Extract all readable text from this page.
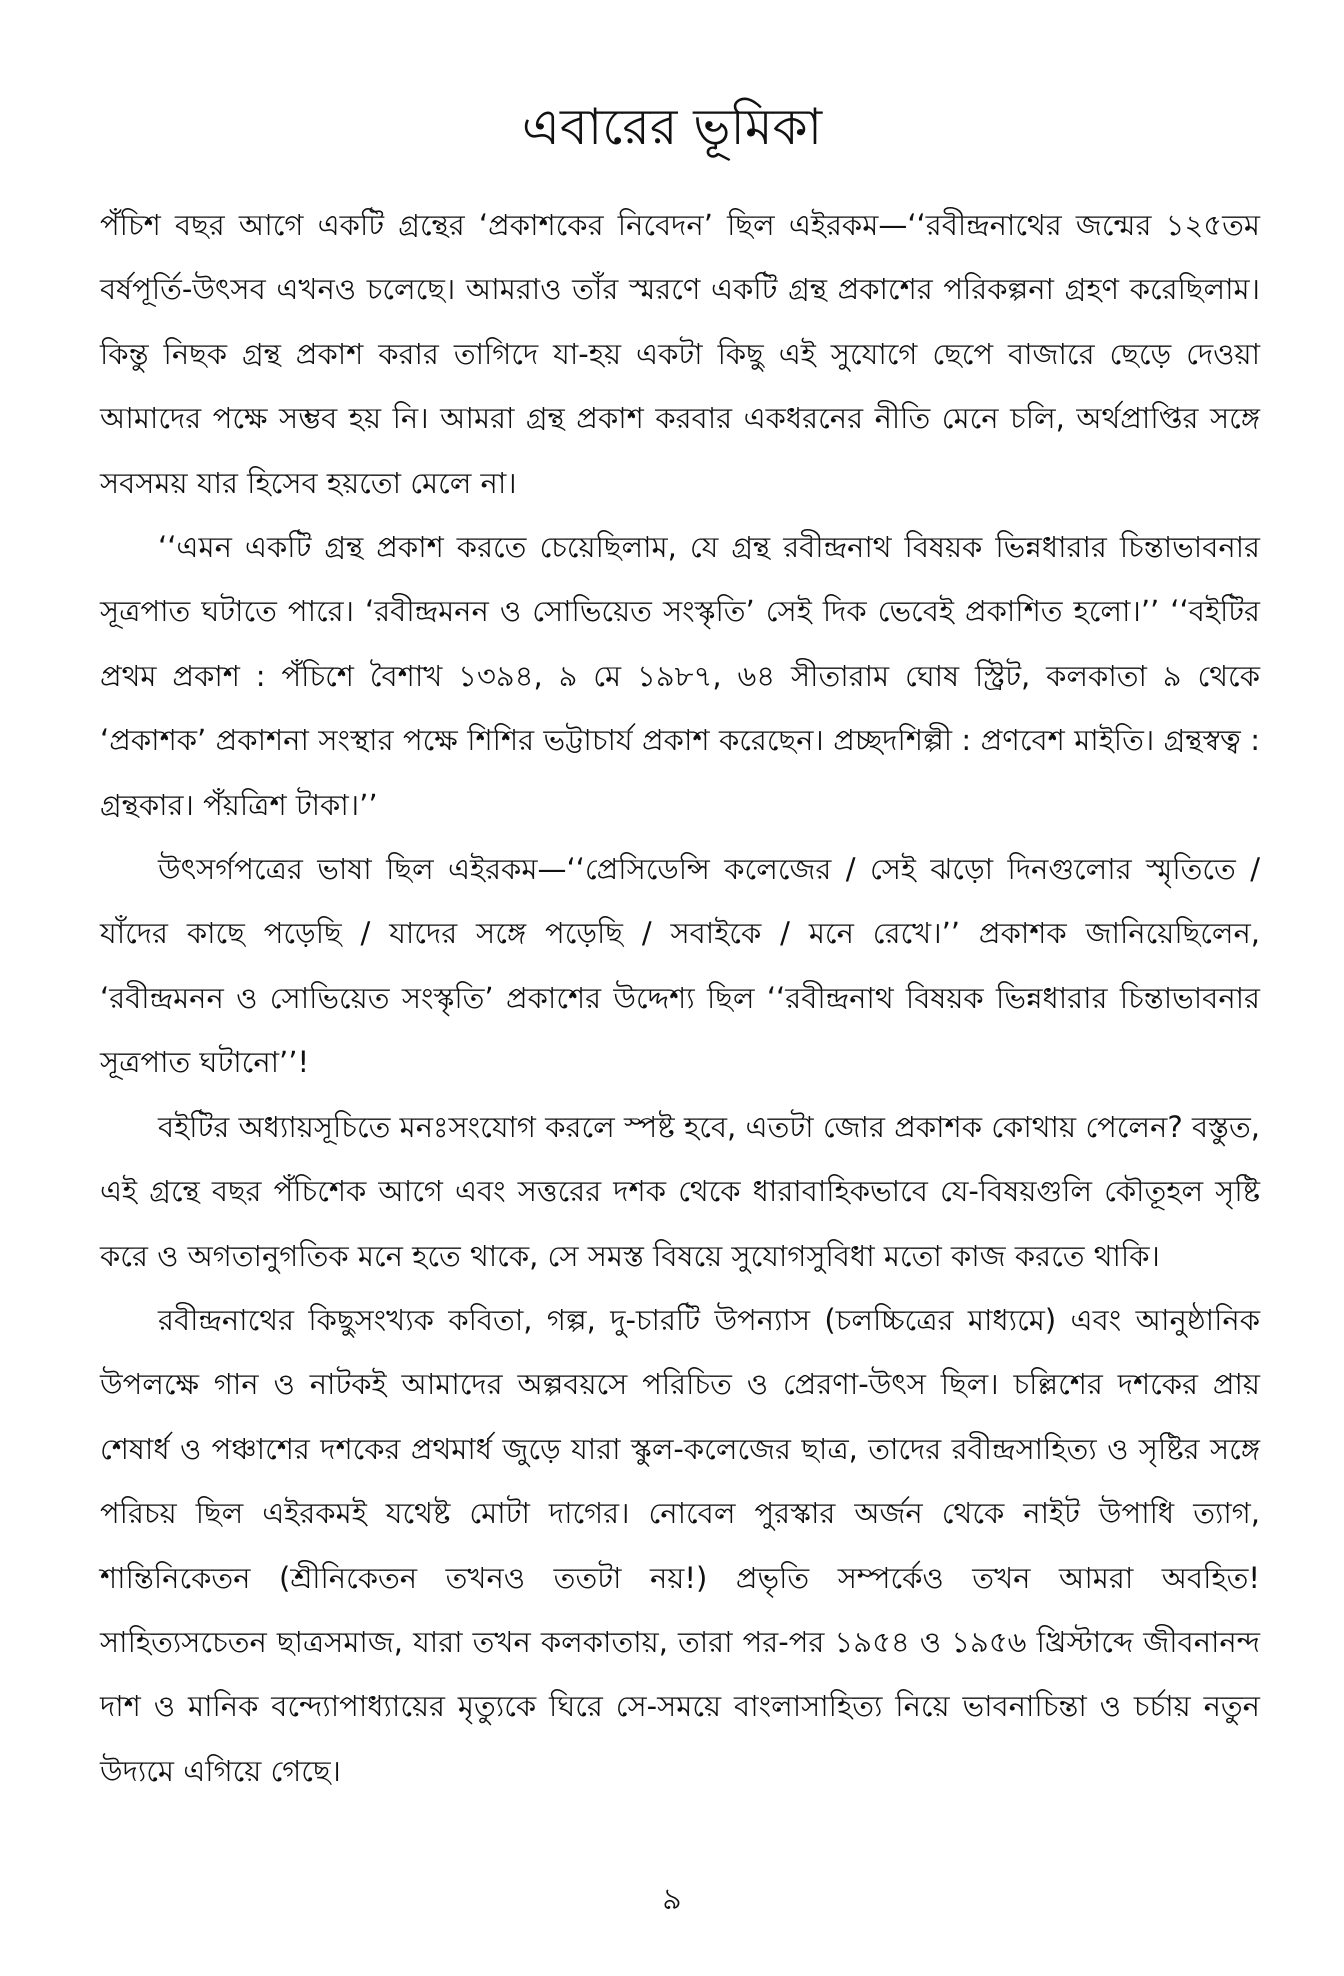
এবারের ভূমিকা

পঁচিশ বছর আগে একটি গ্রন্থের ‘প্রকাশকের নিবেদন’ ছিল এইরকম—‘‘রবীন্দ্রনাথের জন্মের ১২৫তম বর্ষপূর্তি-উৎসব এখনও চলেছে। আমরাও তাঁর স্মরণে একটি গ্রন্থ প্রকাশের পরিকল্পনা গ্রহণ করেছিলাম। কিন্তু নিছক গ্রন্থ প্রকাশ করার তাগিদে যা-হয় একটা কিছু এই সুযোগে ছেপে বাজারে ছেড়ে দেওয়া আমাদের পক্ষে সম্ভব হয় নি। আমরা গ্রন্থ প্রকাশ করবার একধরনের নীতি মেনে চলি, অর্থপ্রাপ্তির সঙ্গে সবসময় যার হিসেব হয়তো মেলে না।

‘‘এমন একটি গ্রন্থ প্রকাশ করতে চেয়েছিলাম, যে গ্রন্থ রবীন্দ্রনাথ বিষয়ক ভিন্নধারার চিন্তাভাবনার সূত্রপাত ঘটাতে পারে। ‘রবীন্দ্রমনন ও সোভিয়েত সংস্কৃতি’ সেই দিক ভেবেই প্রকাশিত হলো।’’ ‘‘বইটির প্রথম প্রকাশ : পঁচিশে বৈশাখ ১৩৯৪, ৯ মে ১৯৮৭, ৬৪ সীতারাম ঘোষ স্ট্রিট, কলকাতা ৯ থেকে ‘প্রকাশক’ প্রকাশনা সংস্থার পক্ষে শিশির ভট্টাচার্য প্রকাশ করেছেন। প্রচ্ছদশিল্পী : প্রণবেশ মাইতি। গ্রন্থস্বত্ব : গ্রন্থকার। পঁয়ত্রিশ টাকা।’’

উৎসর্গপত্রের ভাষা ছিল এইরকম—‘‘প্রেসিডেন্সি কলেজের / সেই ঝড়ো দিনগুলোর স্মৃতিতে / যাঁদের কাছে পড়েছি / যাদের সঙ্গে পড়েছি / সবাইকে / মনে রেখে।’’ প্রকাশক জানিয়েছিলেন, ‘রবীন্দ্রমনন ও সোভিয়েত সংস্কৃতি’ প্রকাশের উদ্দেশ্য ছিল ‘‘রবীন্দ্রনাথ বিষয়ক ভিন্নধারার চিন্তাভাবনার সূত্রপাত ঘটানো’’!

বইটির অধ্যায়সূচিতে মনঃসংযোগ করলে স্পষ্ট হবে, এতটা জোর প্রকাশক কোথায় পেলেন? বস্তুত, এই গ্রন্থে বছর পঁচিশেক আগে এবং সত্তরের দশক থেকে ধারাবাহিকভাবে যে-বিষয়গুলি কৌতূহল সৃষ্টি করে ও অগতানুগতিক মনে হতে থাকে, সে সমস্ত বিষয়ে সুযোগসুবিধা মতো কাজ করতে থাকি।

রবীন্দ্রনাথের কিছুসংখ্যক কবিতা, গল্প, দু-চারটি উপন্যাস (চলচ্চিত্রের মাধ্যমে) এবং আনুষ্ঠানিক উপলক্ষে গান ও নাটকই আমাদের অল্পবয়সে পরিচিত ও প্রেরণা-উৎস ছিল। চল্লিশের দশকের প্রায় শেষার্ধ ও পঞ্চাশের দশকের প্রথমার্ধ জুড়ে যারা স্কুল-কলেজের ছাত্র, তাদের রবীন্দ্রসাহিত্য ও সৃষ্টির সঙ্গে পরিচয় ছিল এইরকমই যথেষ্ট মোটা দাগের। নোবেল পুরস্কার অর্জন থেকে নাইট উপাধি ত্যাগ, শান্তিনিকেতন (শ্রীনিকেতন তখনও ততটা নয়!) প্রভৃতি সম্পর্কেও তখন আমরা অবহিত! সাহিত্যসচেতন ছাত্রসমাজ, যারা তখন কলকাতায়, তারা পর-পর ১৯৫৪ ও ১৯৫৬ খ্রিস্টাব্দে জীবনানন্দ দাশ ও মানিক বন্দ্যোপাধ্যায়ের মৃত্যুকে ঘিরে সে-সময়ে বাংলাসাহিত্য নিয়ে ভাবনাচিন্তা ও চর্চায় নতুন উদ্যমে এগিয়ে গেছে।

৯
